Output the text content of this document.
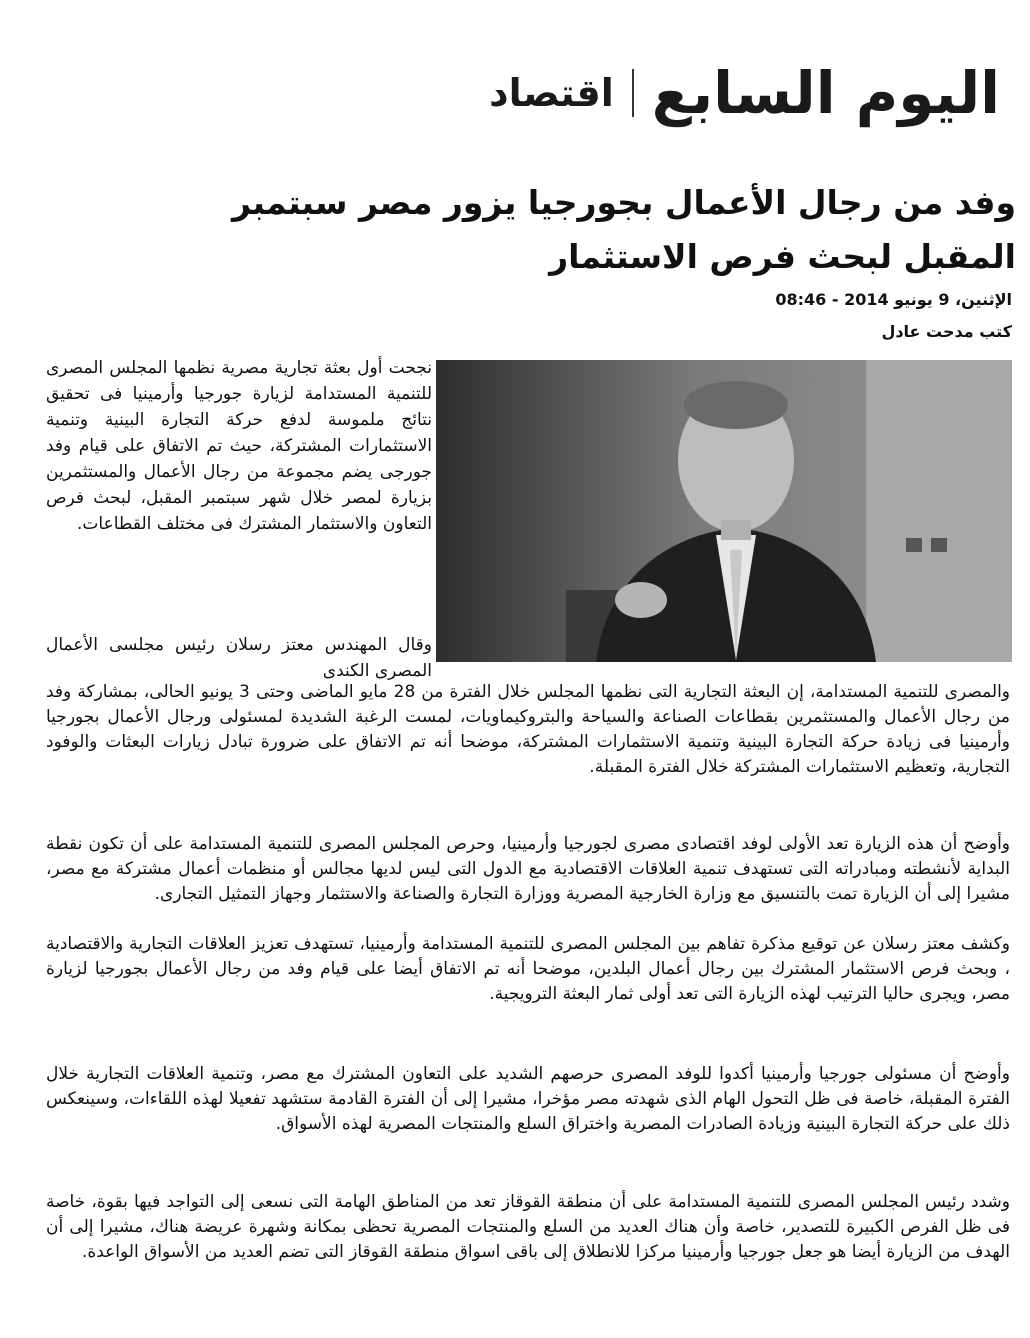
اليوم السابع
اقتصاد
وفد من رجال الأعمال بجورجيا يزور مصر سبتمبر المقبل لبحث فرص الاستثمار
الإثنين، 9 يونيو 2014 - 08:46
كتب مدحت عادل

نجحت أول بعثة تجارية مصرية نظمها المجلس المصرى للتنمية المستدامة لزيارة جورجيا وأرمينيا فى تحقيق نتائج ملموسة لدفع حركة التجارة البينية وتنمية الاستثمارات المشتركة، حيث تم الاتفاق على قيام وفد جورجى يضم مجموعة من رجال الأعمال والمستثمرين بزيارة لمصر خلال شهر سبتمبر المقبل، لبحث فرص التعاون والاستثمار المشترك فى مختلف القطاعات.

وقال المهندس معتز رسلان رئيس مجلسى الأعمال المصرى الكندى

والمصرى للتنمية المستدامة، إن البعثة التجارية التى نظمها المجلس خلال الفترة من 28 مايو الماضى وحتى 3 يونيو الحالى، بمشاركة وفد من رجال الأعمال والمستثمرين بقطاعات الصناعة والسياحة والبتروكيماويات، لمست الرغبة الشديدة لمسئولى ورجال الأعمال بجورجيا وأرمينيا فى زيادة حركة التجارة البينية وتنمية الاستثمارات المشتركة، موضحا أنه تم الاتفاق على ضرورة تبادل زيارات البعثات والوفود التجارية، وتعظيم الاستثمارات المشتركة خلال الفترة المقبلة.

وأوضح أن هذه الزيارة تعد الأولى لوفد اقتصادى مصرى لجورجيا وأرمينيا، وحرص المجلس المصرى للتنمية المستدامة على أن تكون نقطة البداية لأنشطته ومبادراته التى تستهدف تنمية العلاقات الاقتصادية مع الدول التى ليس لديها مجالس أو منظمات أعمال مشتركة مع مصر، مشيرا إلى أن الزيارة تمت بالتنسيق مع وزارة الخارجية المصرية ووزارة التجارة والصناعة والاستثمار وجهاز التمثيل التجارى.

وكشف معتز رسلان عن توقيع مذكرة تفاهم بين المجلس المصرى للتنمية المستدامة وأرمينيا، تستهدف تعزيز العلاقات التجارية والاقتصادية ، وبحث فرص الاستثمار المشترك بين رجال أعمال البلدين، موضحا أنه تم الاتفاق أيضا على قيام وفد من رجال الأعمال بجورجيا لزيارة مصر، ويجرى حاليا الترتيب لهذه الزيارة التى تعد أولى ثمار البعثة الترويجية.

وأوضح أن مسئولى جورجيا وأرمينيا أكدوا للوفد المصرى حرصهم الشديد على التعاون المشترك مع مصر، وتنمية العلاقات التجارية خلال الفترة المقبلة، خاصة فى ظل التحول الهام الذى شهدته مصر مؤخرا، مشيرا إلى أن الفترة القادمة ستشهد تفعيلا لهذه اللقاءات، وسينعكس ذلك على حركة التجارة البينية وزيادة الصادرات المصرية واختراق السلع والمنتجات المصرية لهذه الأسواق.

وشدد رئيس المجلس المصرى للتنمية المستدامة على أن منطقة القوقاز تعد من المناطق الهامة التى نسعى إلى التواجد فيها بقوة، خاصة فى ظل الفرص الكبيرة للتصدير، خاصة وأن هناك العديد من السلع والمنتجات المصرية تحظى بمكانة وشهرة عريضة هناك، مشيرا إلى أن الهدف من الزيارة أيضا هو جعل جورجيا وأرمينيا مركزا للانطلاق إلى باقى اسواق منطقة القوقاز التى تضم العديد من الأسواق الواعدة.
